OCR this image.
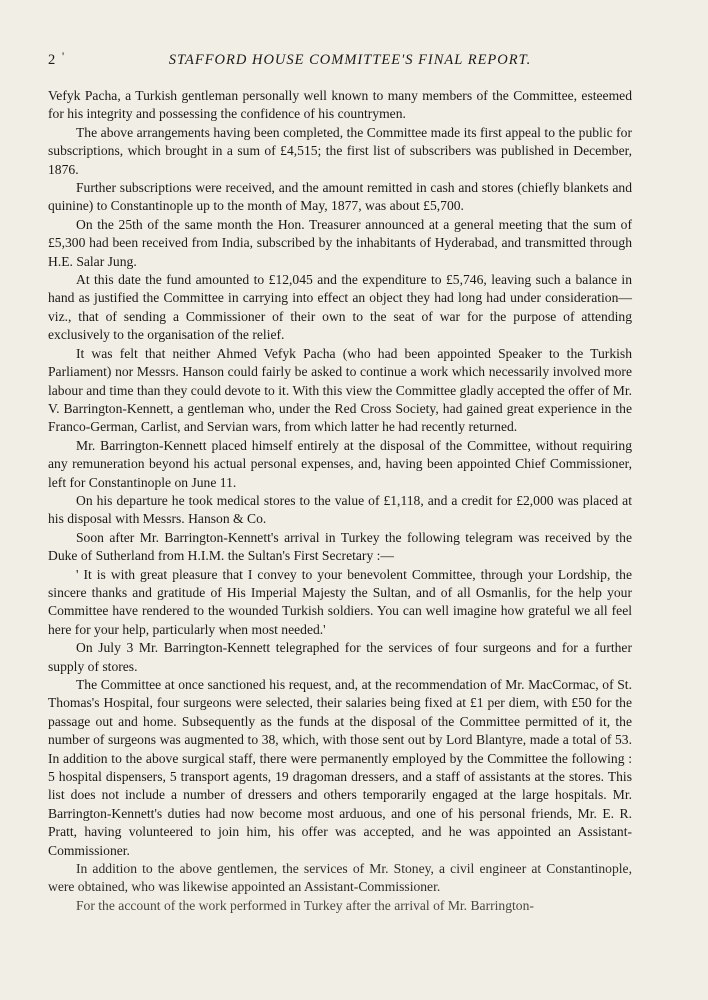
2 '	STAFFORD HOUSE COMMITTEE'S FINAL REPORT.

Vefyk Pacha, a Turkish gentleman personally well known to many members of the Committee, esteemed for his integrity and possessing the confidence of his countrymen.

The above arrangements having been completed, the Committee made its first appeal to the public for subscriptions, which brought in a sum of £4,515; the first list of subscribers was published in December, 1876.

Further subscriptions were received, and the amount remitted in cash and stores (chiefly blankets and quinine) to Constantinople up to the month of May, 1877, was about £5,700.

On the 25th of the same month the Hon. Treasurer announced at a general meeting that the sum of £5,300 had been received from India, subscribed by the inhabitants of Hyderabad, and transmitted through H.E. Salar Jung.

At this date the fund amounted to £12,045 and the expenditure to £5,746, leaving such a balance in hand as justified the Committee in carrying into effect an object they had long had under consideration—viz., that of sending a Commissioner of their own to the seat of war for the purpose of attending exclusively to the organisation of the relief.

It was felt that neither Ahmed Vefyk Pacha (who had been appointed Speaker to the Turkish Parliament) nor Messrs. Hanson could fairly be asked to continue a work which necessarily involved more labour and time than they could devote to it. With this view the Committee gladly accepted the offer of Mr. V. Barrington-Kennett, a gentleman who, under the Red Cross Society, had gained great experience in the Franco-German, Carlist, and Servian wars, from which latter he had recently returned.

Mr. Barrington-Kennett placed himself entirely at the disposal of the Committee, without requiring any remuneration beyond his actual personal expenses, and, having been appointed Chief Commissioner, left for Constantinople on June 11.

On his departure he took medical stores to the value of £1,118, and a credit for £2,000 was placed at his disposal with Messrs. Hanson & Co.

Soon after Mr. Barrington-Kennett's arrival in Turkey the following telegram was received by the Duke of Sutherland from H.I.M. the Sultan's First Secretary :—

' It is with great pleasure that I convey to your benevolent Committee, through your Lordship, the sincere thanks and gratitude of His Imperial Majesty the Sultan, and of all Osmanlis, for the help your Committee have rendered to the wounded Turkish soldiers. You can well imagine how grateful we all feel here for your help, particularly when most needed.'

On July 3 Mr. Barrington-Kennett telegraphed for the services of four surgeons and for a further supply of stores.

The Committee at once sanctioned his request, and, at the recommendation of Mr. MacCormac, of St. Thomas's Hospital, four surgeons were selected, their salaries being fixed at £1 per diem, with £50 for the passage out and home. Subsequently as the funds at the disposal of the Committee permitted of it, the number of surgeons was augmented to 38, which, with those sent out by Lord Blantyre, made a total of 53. In addition to the above surgical staff, there were permanently employed by the Committee the following : 5 hospital dispensers, 5 transport agents, 19 dragoman dressers, and a staff of assistants at the stores. This list does not include a number of dressers and others temporarily engaged at the large hospitals. Mr. Barrington-Kennett's duties had now become most arduous, and one of his personal friends, Mr. E. R. Pratt, having volunteered to join him, his offer was accepted, and he was appointed an Assistant-Commissioner.

In addition to the above gentlemen, the services of Mr. Stoney, a civil engineer at Constantinople, were obtained, who was likewise appointed an Assistant-Commissioner.

For the account of the work performed in Turkey after the arrival of Mr. Barrington-
